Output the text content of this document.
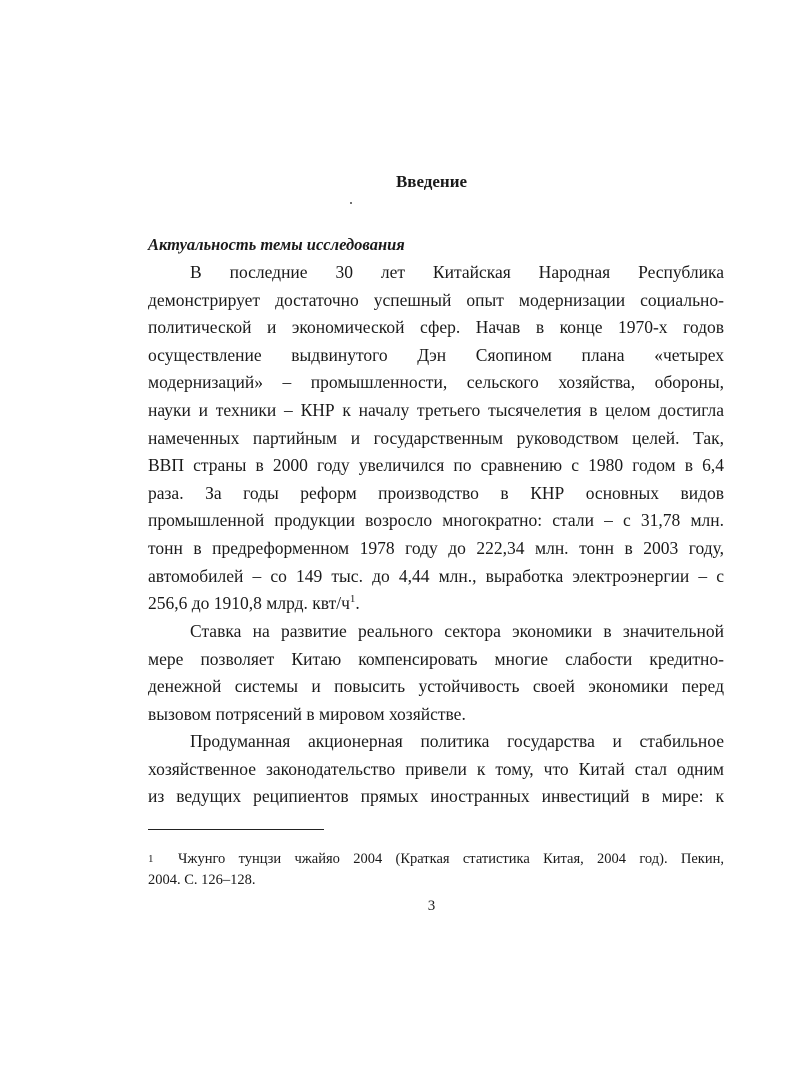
Введение
Актуальность темы исследования
В последние 30 лет Китайская Народная Республика
демонстрирует достаточно успешный опыт модернизации социально-
политической и экономической сфер. Начав в конце 1970-х годов
осуществление выдвинутого Дэн Сяопином плана «четырех
модернизаций» – промышленности, сельского хозяйства, обороны,
науки и техники – КНР к началу третьего тысячелетия в целом достигла
намеченных партийным и государственным руководством целей. Так,
ВВП страны в 2000 году увеличился по сравнению с 1980 годом в 6,4
раза. За годы реформ производство в КНР основных видов
промышленной продукции возросло многократно: стали – с 31,78 млн.
тонн в предреформенном 1978 году до 222,34 млн. тонн в 2003 году,
автомобилей – со 149 тыс. до 4,44 млн., выработка электроэнергии – с
256,6 до 1910,8 млрд. квт/$ч^1$.
Ставка на развитие реального сектора экономики в значительной
мере позволяет Китаю компенсировать многие слабости кредитно-
денежной системы и повысить устойчивость своей экономики перед
вызовом потрясений в мировом хозяйстве.
Продуманная акционерная политика государства и стабильное
хозяйственное законодательство привели к тому, что Китай стал одним
из ведущих реципиентов прямых иностранных инвестиций в мире: к
1 Чжунго тунцзи чжайяо 2004 (Краткая статистика Китая, 2004 год). Пекин,
2004. С. 126–128.
3
